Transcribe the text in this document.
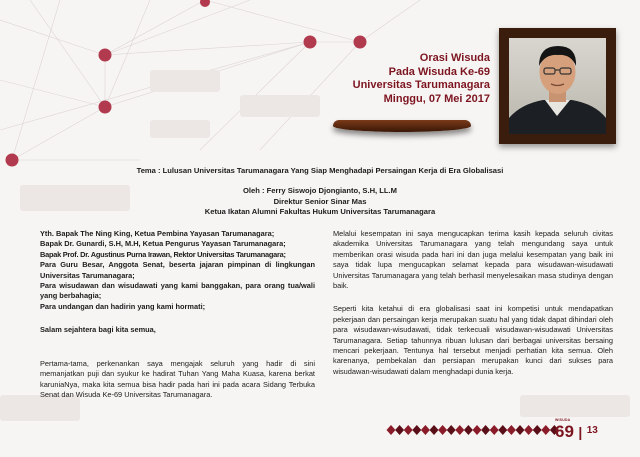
Orasi Wisuda
Pada Wisuda Ke-69
Universitas Tarumanagara
Minggu, 07 Mei 2017
Tema : Lulusan Universitas Tarumanagara Yang Siap Menghadapi Persaingan Kerja di Era Globalisasi
Oleh : Ferry Siswojo Djongianto, S.H, LL.M
Direktur Senior Sinar Mas
Ketua Ikatan Alumni Fakultas Hukum Universitas Tarumanagara

Yth. Bapak The Ning King, Ketua Pembina Yayasan Tarumanagara;

Bapak Dr. Gunardi, S.H, M.H, Ketua Pengurus Yayasan Tarumanagara;

Bapak Prof. Dr. Agustinus Purna Irawan, Rektor Universitas Tarumanagara;

Para Guru Besar, Anggota Senat, beserta jajaran pimpinan di lingkungan Universitas Tarumanagara;

Para wisudawan dan wisudawati yang kami banggakan, para orang tua/wali yang berbahagia;

Para undangan dan hadirin yang kami hormati;

Salam sejahtera bagi kita semua,

Pertama-tama, perkenankan saya mengajak seluruh yang hadir di sini memanjatkan puji dan syukur ke hadirat Tuhan Yang Maha Kuasa, karena berkat karuniaNya, maka kita semua bisa hadir pada hari ini pada acara Sidang Terbuka Senat dan Wisuda Ke-69 Universitas Tarumanagara.

Melalui kesempatan ini saya mengucapkan terima kasih kepada seluruh civitas akademika Universitas Tarumanagara yang telah mengundang saya untuk memberikan orasi wisuda pada hari ini dan juga melalui kesempatan yang baik ini saya tidak lupa mengucapkan selamat kepada para wisudawan-wisudawati Universitas Tarumanagara yang telah berhasil menyelesaikan masa studinya dengan baik.

Seperti kita ketahui di era globalisasi saat ini kompetisi untuk mendapatkan pekerjaan dan persaingan kerja merupakan suatu hal yang tidak dapat dihindari oleh para wisudawan-wisudawati, tidak terkecuali wisudawan-wisudawati Universitas Tarumanagara. Setiap tahunnya ribuan lulusan dari berbagai universitas bersaing mencari pekerjaan. Tentunya hal tersebut menjadi perhatian kita semua. Oleh karenanya, pembekalan dan persiapan merupakan kunci dari sukses para wisudawan-wisudawati dalam menghadapi dunia kerja.

WISUDA
69 | $^{13}$
